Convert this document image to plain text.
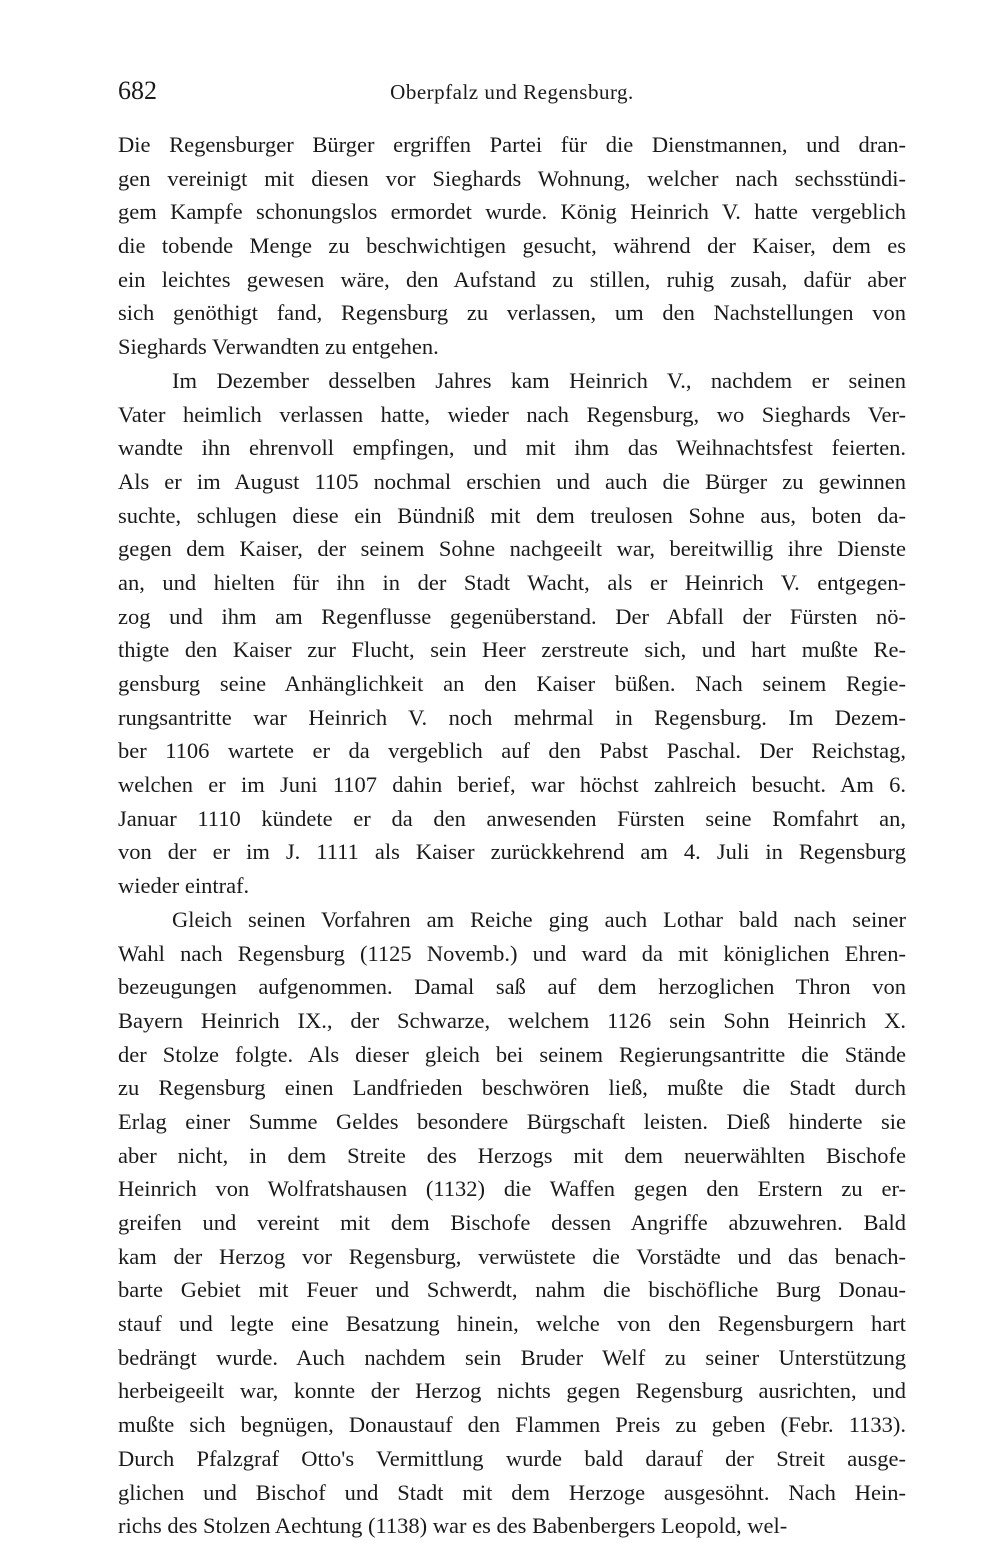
682	Oberpfalz und Regensburg.
Die Regensburger Bürger ergriffen Partei für die Dienstmannen, und dran-
gen vereinigt mit diesen vor Sieghards Wohnung, welcher nach sechsstündi-
gem Kampfe schonungslos ermordet wurde. König Heinrich V. hatte vergeblich
die tobende Menge zu beschwichtigen gesucht, während der Kaiser, dem es
ein leichtes gewesen wäre, den Aufstand zu stillen, ruhig zusah, dafür aber
sich genöthigt fand, Regensburg zu verlassen, um den Nachstellungen von
Sieghards Verwandten zu entgehen.
Im Dezember desselben Jahres kam Heinrich V., nachdem er seinen
Vater heimlich verlassen hatte, wieder nach Regensburg, wo Sieghards Ver-
wandte ihn ehrenvoll empfingen, und mit ihm das Weihnachtsfest feierten.
Als er im August 1105 nochmal erschien und auch die Bürger zu gewinnen
suchte, schlugen diese ein Bündniß mit dem treulosen Sohne aus, boten da-
gegen dem Kaiser, der seinem Sohne nachgeeilt war, bereitwillig ihre Dienste
an, und hielten für ihn in der Stadt Wacht, als er Heinrich V. entgegen-
zog und ihm am Regenflusse gegenüberstand. Der Abfall der Fürsten nö-
thigte den Kaiser zur Flucht, sein Heer zerstreute sich, und hart mußte Re-
gensburg seine Anhänglichkeit an den Kaiser büßen. Nach seinem Regie-
rungsantritte war Heinrich V. noch mehrmal in Regensburg. Im Dezem-
ber 1106 wartete er da vergeblich auf den Pabst Paschal. Der Reichstag,
welchen er im Juni 1107 dahin berief, war höchst zahlreich besucht. Am 6.
Januar 1110 kündete er da den anwesenden Fürsten seine Romfahrt an,
von der er im J. 1111 als Kaiser zurückkehrend am 4. Juli in Regensburg
wieder eintraf.
Gleich seinen Vorfahren am Reiche ging auch Lothar bald nach seiner
Wahl nach Regensburg (1125 Novemb.) und ward da mit königlichen Ehren-
bezeugungen aufgenommen. Damal saß auf dem herzoglichen Thron von
Bayern Heinrich IX., der Schwarze, welchem 1126 sein Sohn Heinrich X.
der Stolze folgte. Als dieser gleich bei seinem Regierungsantritte die Stände
zu Regensburg einen Landfrieden beschwören ließ, mußte die Stadt durch
Erlag einer Summe Geldes besondere Bürgschaft leisten. Dieß hinderte sie
aber nicht, in dem Streite des Herzogs mit dem neuerwählten Bischofe
Heinrich von Wolfratshausen (1132) die Waffen gegen den Erstern zu er-
greifen und vereint mit dem Bischofe dessen Angriffe abzuwehren. Bald
kam der Herzog vor Regensburg, verwüstete die Vorstädte und das benach-
barte Gebiet mit Feuer und Schwerdt, nahm die bischöfliche Burg Donau-
stauf und legte eine Besatzung hinein, welche von den Regensburgern hart
bedrängt wurde. Auch nachdem sein Bruder Welf zu seiner Unterstützung
herbeigeeilt war, konnte der Herzog nichts gegen Regensburg ausrichten, und
mußte sich begnügen, Donaustauf den Flammen Preis zu geben (Febr. 1133).
Durch Pfalzgraf Otto's Vermittlung wurde bald darauf der Streit ausge-
glichen und Bischof und Stadt mit dem Herzoge ausgesöhnt. Nach Hein-
richs des Stolzen Aechtung (1138) war es des Babenbergers Leopold, wel-
